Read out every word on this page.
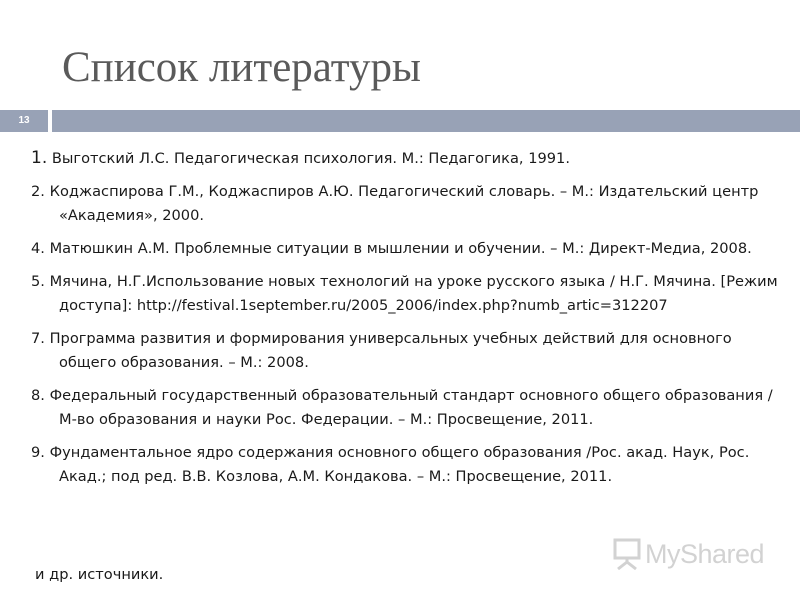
Список литературы
13
1. Выготский Л.С. Педагогическая психология. М.: Педагогика, 1991.
2. Коджаспирова Г.М., Коджаспиров А.Ю. Педагогический словарь. – М.: Издательский центр «Академия», 2000.
4. Матюшкин А.М. Проблемные ситуации в мышлении и обучении. – М.: Директ-Медиа, 2008.
5. Мячина, Н.Г.Использование новых технологий на уроке русского языка / Н.Г. Мячина. [Режим доступа]: http://festival.1september.ru/2005_2006/index.php?numb_artic=312207
7. Программа развития и формирования универсальных учебных действий для основного общего образования. – М.: 2008.
8. Федеральный государственный образовательный стандарт основного общего образования / М-во образования и науки Рос. Федерации. – М.: Просвещение, 2011.
9. Фундаментальное ядро содержания основного общего образования /Рос. акад. Наук, Рос. Акад.; под ред. В.В. Козлова, А.М. Кондакова. – М.: Просвещение, 2011.

и др. источники.

MyShared
